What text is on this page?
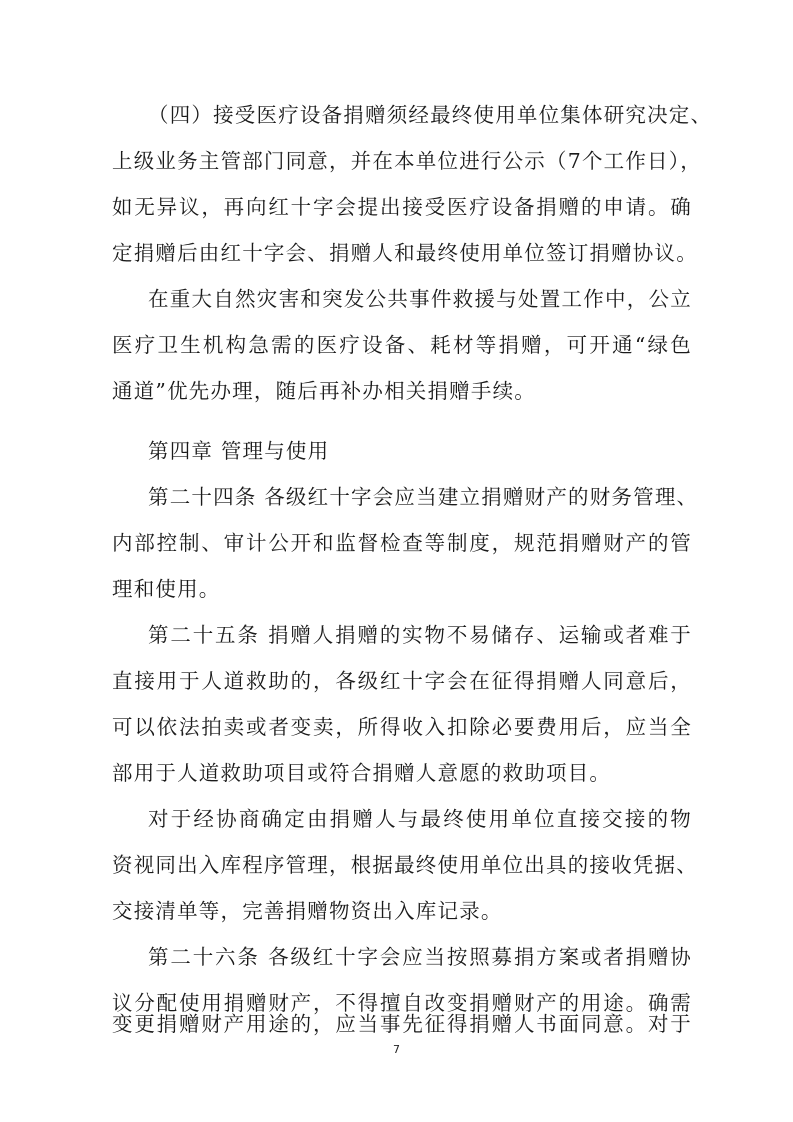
（四）接受医疗设备捐赠须经最终使用单位集体研究决定、
上级业务主管部门同意，并在本单位进行公示（7个工作日），
如无异议，再向红十字会提出接受医疗设备捐赠的申请。确
定捐赠后由红十字会、捐赠人和最终使用单位签订捐赠协议。
在重大自然灾害和突发公共事件救援与处置工作中，公立
医疗卫生机构急需的医疗设备、耗材等捐赠，可开通“绿色
通道”优先办理，随后再补办相关捐赠手续。
第四章 管理与使用
第二十四条 各级红十字会应当建立捐赠财产的财务管理、
内部控制、审计公开和监督检查等制度，规范捐赠财产的管
理和使用。
第二十五条 捐赠人捐赠的实物不易储存、运输或者难于
直接用于人道救助的，各级红十字会在征得捐赠人同意后，
可以依法拍卖或者变卖，所得收入扣除必要费用后，应当全
部用于人道救助项目或符合捐赠人意愿的救助项目。
对于经协商确定由捐赠人与最终使用单位直接交接的物
资视同出入库程序管理，根据最终使用单位出具的接收凭据、
交接清单等，完善捐赠物资出入库记录。
第二十六条 各级红十字会应当按照募捐方案或者捐赠协
议分配使用捐赠财产，不得擅自改变捐赠财产的用途。确需
变更捐赠财产用途的，应当事先征得捐赠人书面同意。对于
7
